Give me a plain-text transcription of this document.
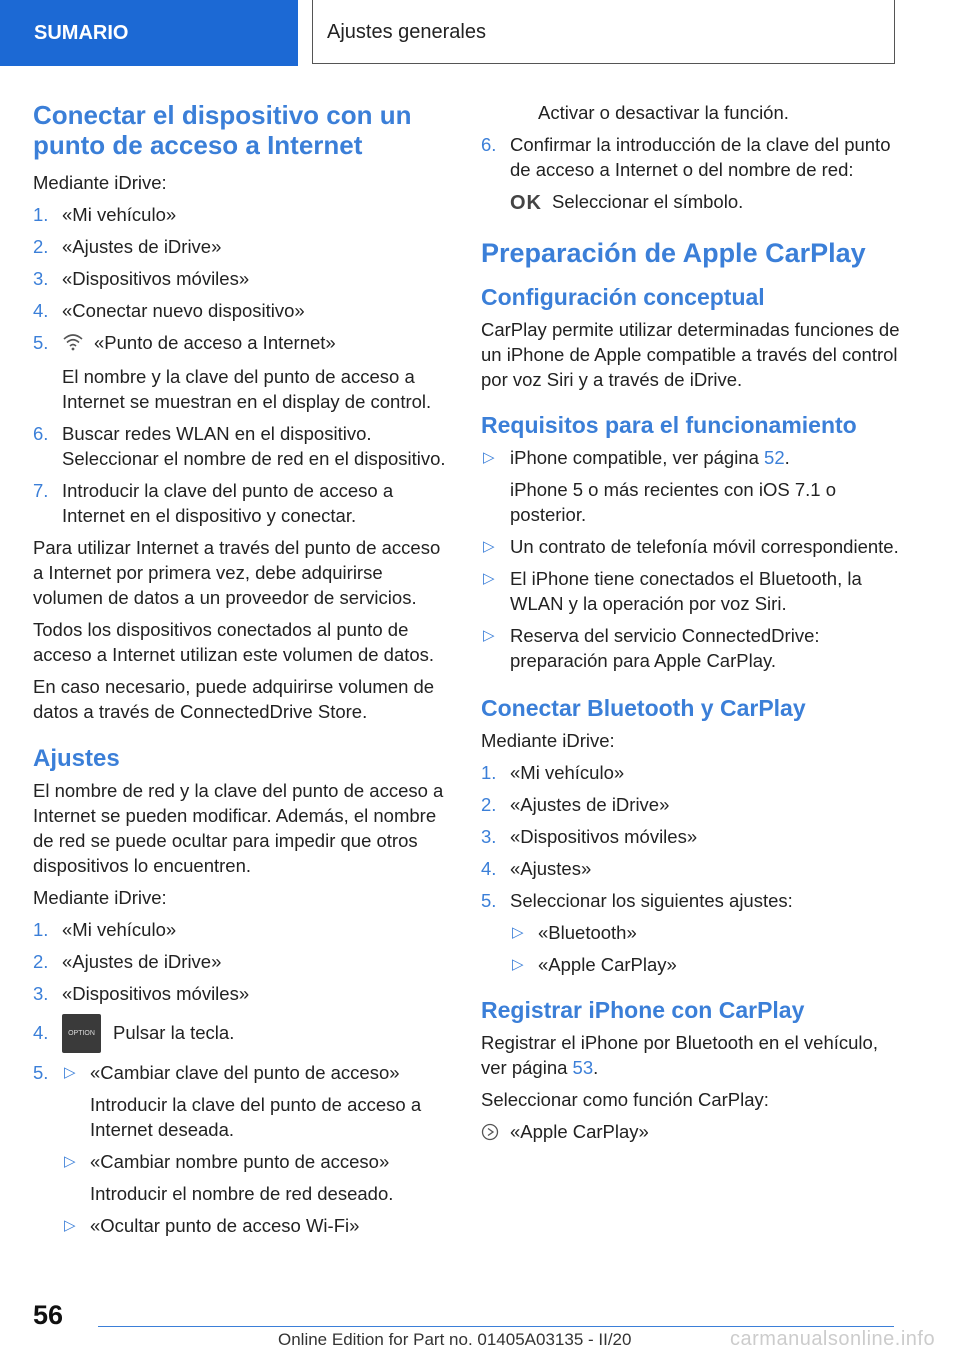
SUMARIO	Ajustes generales
Conectar el dispositivo con un punto de acceso a Internet

Mediante iDrive:

1. «Mi vehículo»
2. «Ajustes de iDrive»
3. «Dispositivos móviles»
4. «Conectar nuevo dispositivo»
5. «Punto de acceso a Internet»
El nombre y la clave del punto de acceso a Internet se muestran en el display de control.
6. Buscar redes WLAN en el dispositivo. Seleccionar el nombre de red en el dispositivo.
7. Introducir la clave del punto de acceso a Internet en el dispositivo y conectar.

Para utilizar Internet a través del punto de acceso a Internet por primera vez, debe adquirirse volumen de datos a un proveedor de servicios.

Todos los dispositivos conectados al punto de acceso a Internet utilizan este volumen de datos.

En caso necesario, puede adquirirse volumen de datos a través de ConnectedDrive Store.

Ajustes

El nombre de red y la clave del punto de acceso a Internet se pueden modificar. Además, el nombre de red se puede ocultar para impedir que otros dispositivos lo encuentren.

Mediante iDrive:

1. «Mi vehículo»
2. «Ajustes de iDrive»
3. «Dispositivos móviles»
4.	OPTION Pulsar la tecla.
5. ▷ «Cambiar clave del punto de acceso»
Introducir la clave del punto de acceso a Internet deseada.
▷ «Cambiar nombre punto de acceso»
Introducir el nombre de red deseado.
▷ «Ocultar punto de acceso Wi-Fi»
Activar o desactivar la función.
6. Confirmar la introducción de la clave del punto de acceso a Internet o del nombre de red:
OK Seleccionar el símbolo.
Preparación de Apple CarPlay
Configuración conceptual

CarPlay permite utilizar determinadas funciones de un iPhone de Apple compatible a través del control por voz Siri y a través de iDrive.

Requisitos para el funcionamiento
▷ iPhone compatible, ver página 52.
iPhone 5 o más recientes con iOS 7.1 o posterior.
▷ Un contrato de telefonía móvil correspondiente.
▷ El iPhone tiene conectados el Bluetooth, la WLAN y la operación por voz Siri.
▷ Reserva del servicio ConnectedDrive: preparación para Apple CarPlay.
Conectar Bluetooth y CarPlay

Mediante iDrive:

1. «Mi vehículo»
2. «Ajustes de iDrive»
3. «Dispositivos móviles»
4. «Ajustes»
5. Seleccionar los siguientes ajustes:
▷ «Bluetooth»
▷ «Apple CarPlay»
Registrar iPhone con CarPlay

Registrar el iPhone por Bluetooth en el vehículo, ver página 53.

Seleccionar como función CarPlay:

«Apple CarPlay»
56
Online Edition for Part no. 01405A03135 - II/20	carmanualsonline.info
